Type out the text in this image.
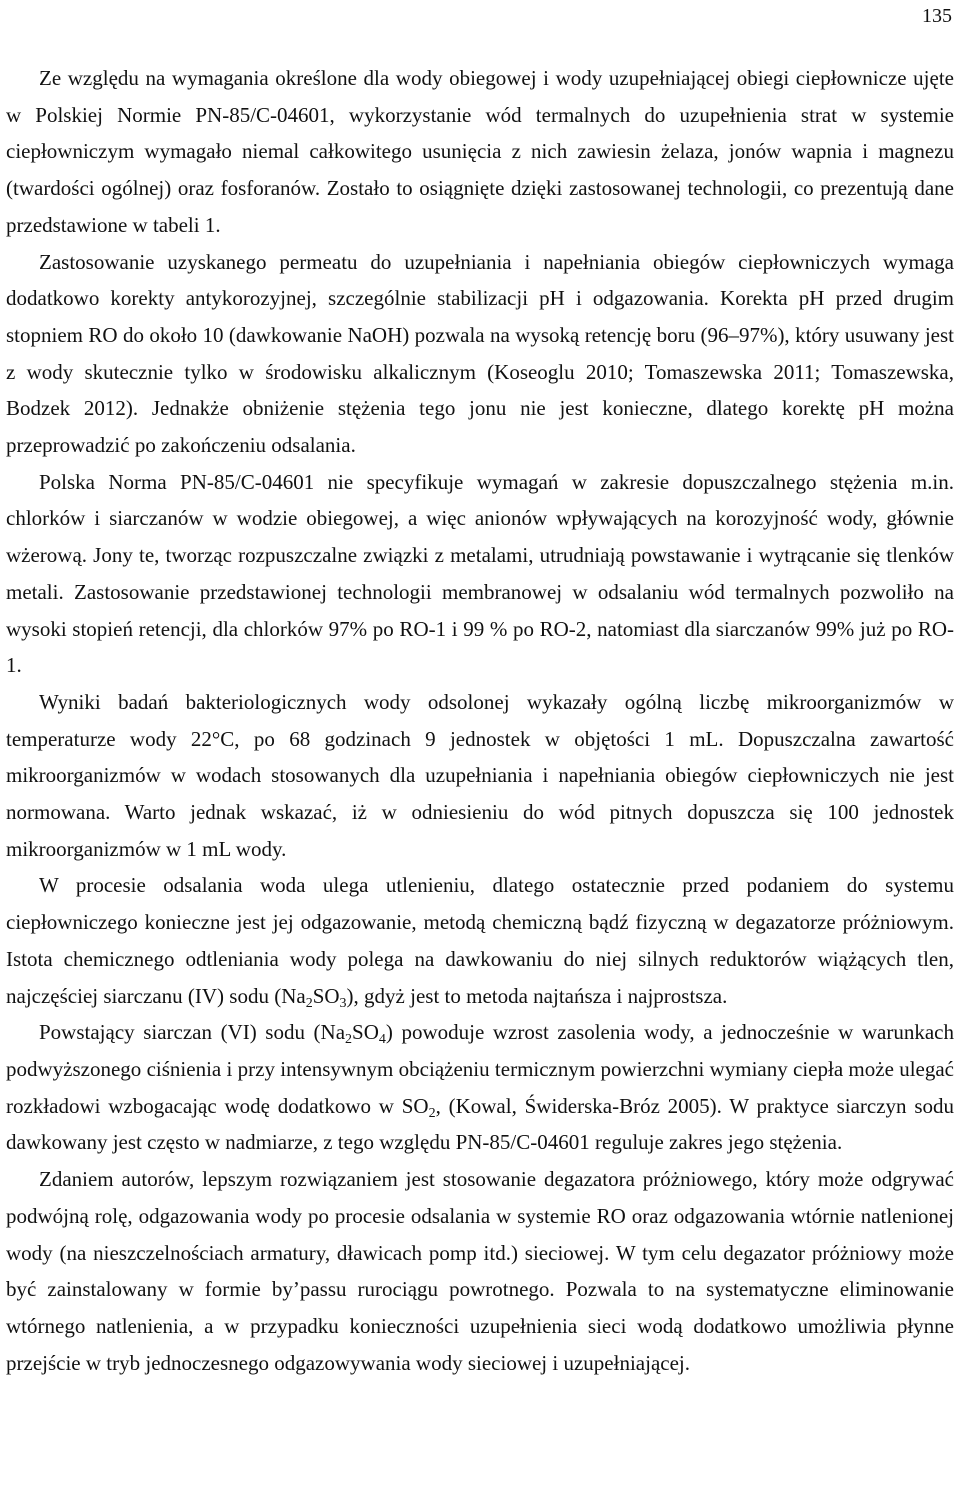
135

Ze względu na wymagania określone dla wody obiegowej i wody uzupełniającej obiegi ciepłownicze ujęte w Polskiej Normie PN-85/C-04601, wykorzystanie wód termalnych do uzupełnienia strat w systemie ciepłowniczym wymagało niemal całkowitego usunięcia z nich zawiesin żelaza, jonów wapnia i magnezu (twardości ogólnej) oraz fosforanów. Zostało to osiągnięte dzięki zastosowanej technologii, co prezentują dane przedstawione w tabeli 1.

Zastosowanie uzyskanego permeatu do uzupełniania i napełniania obiegów ciepłowniczych wymaga dodatkowo korekty antykorozyjnej, szczególnie stabilizacji pH i odgazowania. Korekta pH przed drugim stopniem RO do około 10 (dawkowanie NaOH) pozwala na wysoką retencję boru (96–97%), który usuwany jest z wody skutecznie tylko w środowisku alkalicznym (Koseoglu 2010; Tomaszewska 2011; Tomaszewska, Bodzek 2012). Jednakże obniżenie stężenia tego jonu nie jest konieczne, dlatego korektę pH można przeprowadzić po zakończeniu odsalania.

Polska Norma PN-85/C-04601 nie specyfikuje wymagań w zakresie dopuszczalnego stężenia m.in. chlorków i siarczanów w wodzie obiegowej, a więc anionów wpływających na korozyjność wody, głównie wżerową. Jony te, tworząc rozpuszczalne związki z metalami, utrudniają powstawanie i wytrącanie się tlenków metali. Zastosowanie przedstawionej technologii membranowej w odsalaniu wód termalnych pozwoliło na wysoki stopień retencji, dla chlorków 97% po RO-1 i 99 % po RO-2, natomiast dla siarczanów 99% już po RO-1.

Wyniki badań bakteriologicznych wody odsolonej wykazały ogólną liczbę mikroorganizmów w temperaturze wody 22°C, po 68 godzinach 9 jednostek w objętości 1 mL. Dopuszczalna zawartość mikroorganizmów w wodach stosowanych dla uzupełniania i napełniania obiegów ciepłowniczych nie jest normowana. Warto jednak wskazać, iż w odniesieniu do wód pitnych dopuszcza się 100 jednostek mikroorganizmów w 1 mL wody.

W procesie odsalania woda ulega utlenieniu, dlatego ostatecznie przed podaniem do systemu ciepłowniczego konieczne jest jej odgazowanie, metodą chemiczną bądź fizyczną w degazatorze próżniowym. Istota chemicznego odtleniania wody polega na dawkowaniu do niej silnych reduktorów wiążących tlen, najczęściej siarczanu (IV) sodu $(Na_2SO_3)$, gdyż jest to metoda najtańsza i najprostsza.

Powstający siarczan (VI) sodu $(Na_2SO_4)$ powoduje wzrost zasolenia wody, a jednocześnie w warunkach podwyższonego ciśnienia i przy intensywnym obciążeniu termicznym powierzchni wymiany ciepła może ulegać rozkładowi wzbogacając wodę dodatkowo w $SO_2$, (Kowal, Świderska-Bróz 2005). W praktyce siarczyn sodu dawkowany jest często w nadmiarze, z tego względu PN-85/C-04601 reguluje zakres jego stężenia.

Zdaniem autorów, lepszym rozwiązaniem jest stosowanie degazatora próżniowego, który może odgrywać podwójną rolę, odgazowania wody po procesie odsalania w systemie RO oraz odgazowania wtórnie natlenionej wody (na nieszczelnościach armatury, dławicach pomp itd.) sieciowej. W tym celu degazator próżniowy może być zainstalowany w formie by’passu rurociągu powrotnego. Pozwala to na systematyczne eliminowanie wtórnego natlenienia, a w przypadku konieczności uzupełnienia sieci wodą dodatkowo umożliwia płynne przejście w tryb jednoczesnego odgazowywania wody sieciowej i uzupełniającej.
